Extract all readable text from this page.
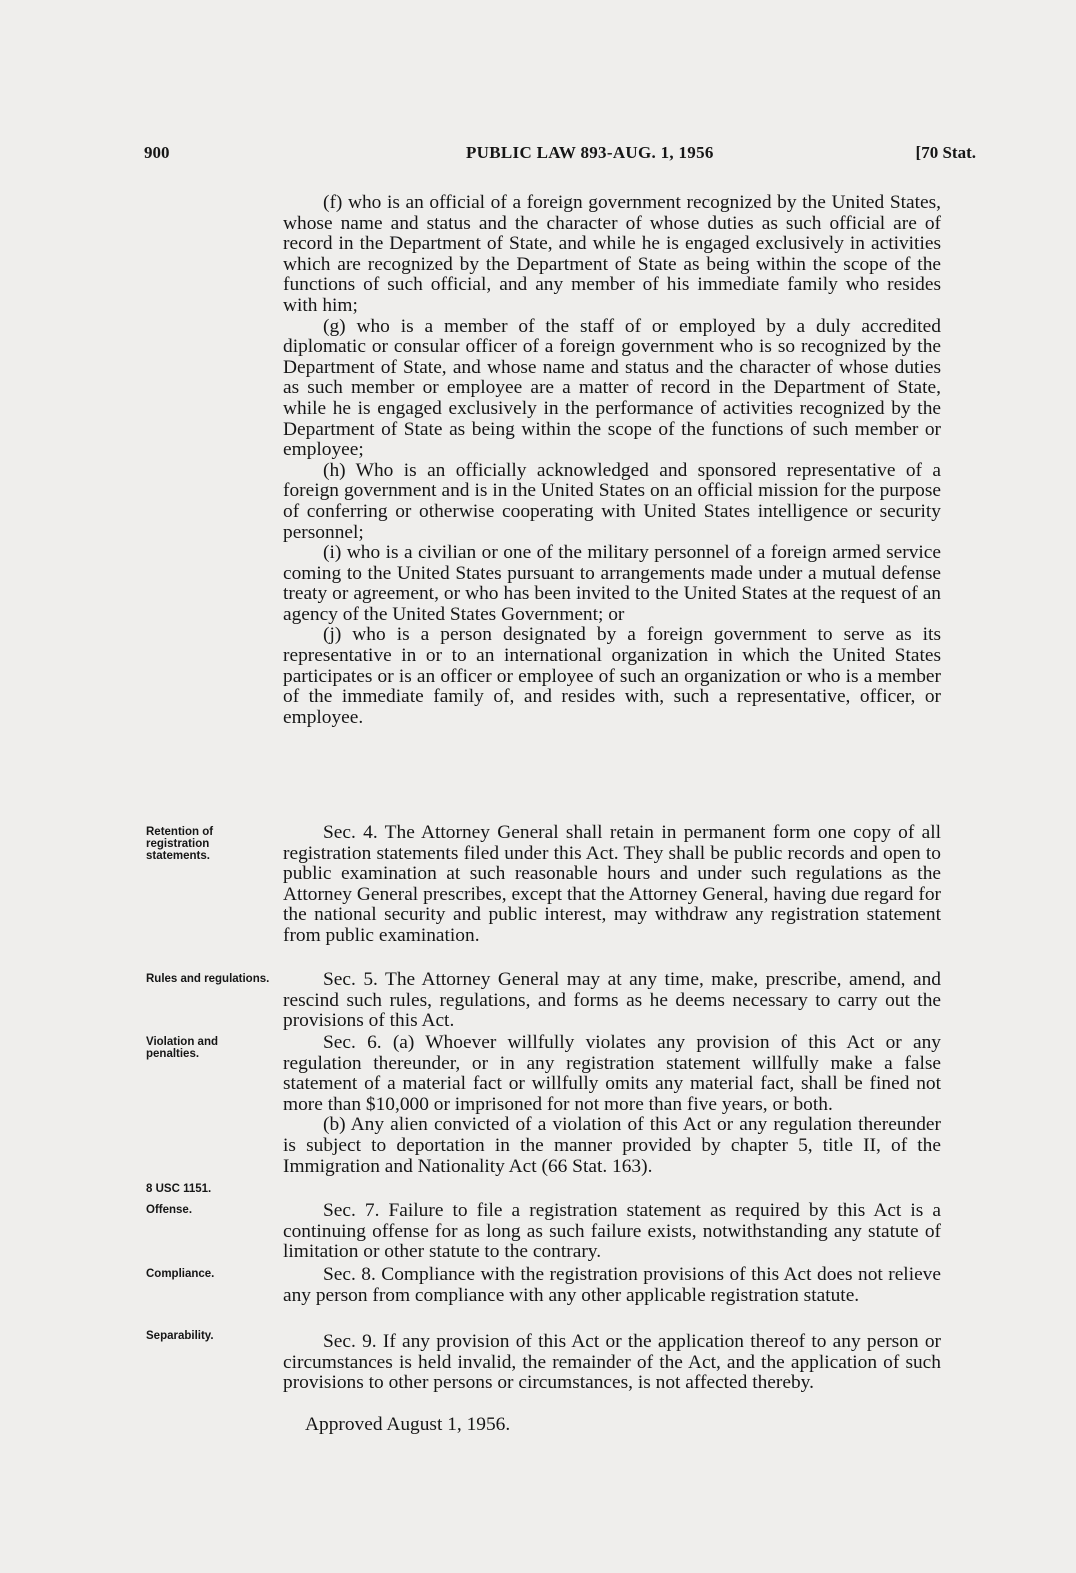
900	PUBLIC LAW 893-AUG. 1, 1956	[70 Stat.

(f) who is an official of a foreign government recognized by the United States, whose name and status and the character of whose duties as such official are of record in the Department of State, and while he is engaged exclusively in activities which are recognized by the Department of State as being within the scope of the functions of such official, and any member of his immediate family who resides with him;

(g) who is a member of the staff of or employed by a duly accredited diplomatic or consular officer of a foreign government who is so recognized by the Department of State, and whose name and status and the character of whose duties as such member or employee are a matter of record in the Department of State, while he is engaged exclusively in the performance of activities recognized by the Department of State as being within the scope of the functions of such member or employee;

(h) Who is an officially acknowledged and sponsored representative of a foreign government and is in the United States on an official mission for the purpose of conferring or otherwise cooperating with United States intelligence or security personnel;

(i) who is a civilian or one of the military personnel of a foreign armed service coming to the United States pursuant to arrangements made under a mutual defense treaty or agreement, or who has been invited to the United States at the request of an agency of the United States Government; or

(j) who is a person designated by a foreign government to serve as its representative in or to an international organization in which the United States participates or is an officer or employee of such an organization or who is a member of the immediate family of, and resides with, such a representative, officer, or employee.

Sec. 4. The Attorney General shall retain in permanent form one copy of all registration statements filed under this Act. They shall be public records and open to public examination at such reasonable hours and under such regulations as the Attorney General prescribes, except that the Attorney General, having due regard for the national security and public interest, may withdraw any registration statement from public examination.

Sec. 5. The Attorney General may at any time, make, prescribe, amend, and rescind such rules, regulations, and forms as he deems necessary to carry out the provisions of this Act.

Sec. 6. (a) Whoever willfully violates any provision of this Act or any regulation thereunder, or in any registration statement willfully make a false statement of a material fact or willfully omits any material fact, shall be fined not more than $10,000 or imprisoned for not more than five years, or both.

(b) Any alien convicted of a violation of this Act or any regulation thereunder is subject to deportation in the manner provided by chapter 5, title II, of the Immigration and Nationality Act (66 Stat. 163).

Sec. 7. Failure to file a registration statement as required by this Act is a continuing offense for as long as such failure exists, notwithstanding any statute of limitation or other statute to the contrary.

Sec. 8. Compliance with the registration provisions of this Act does not relieve any person from compliance with any other applicable registration statute.

Sec. 9. If any provision of this Act or the application thereof to any person or circumstances is held invalid, the remainder of the Act, and the application of such provisions to other persons or circumstances, is not affected thereby.

Approved August 1, 1956.
Retention of registration statements.
Rules and regulations.
Violation and penalties.
8 USC 1151.
Offense.
Compliance.
Separability.
